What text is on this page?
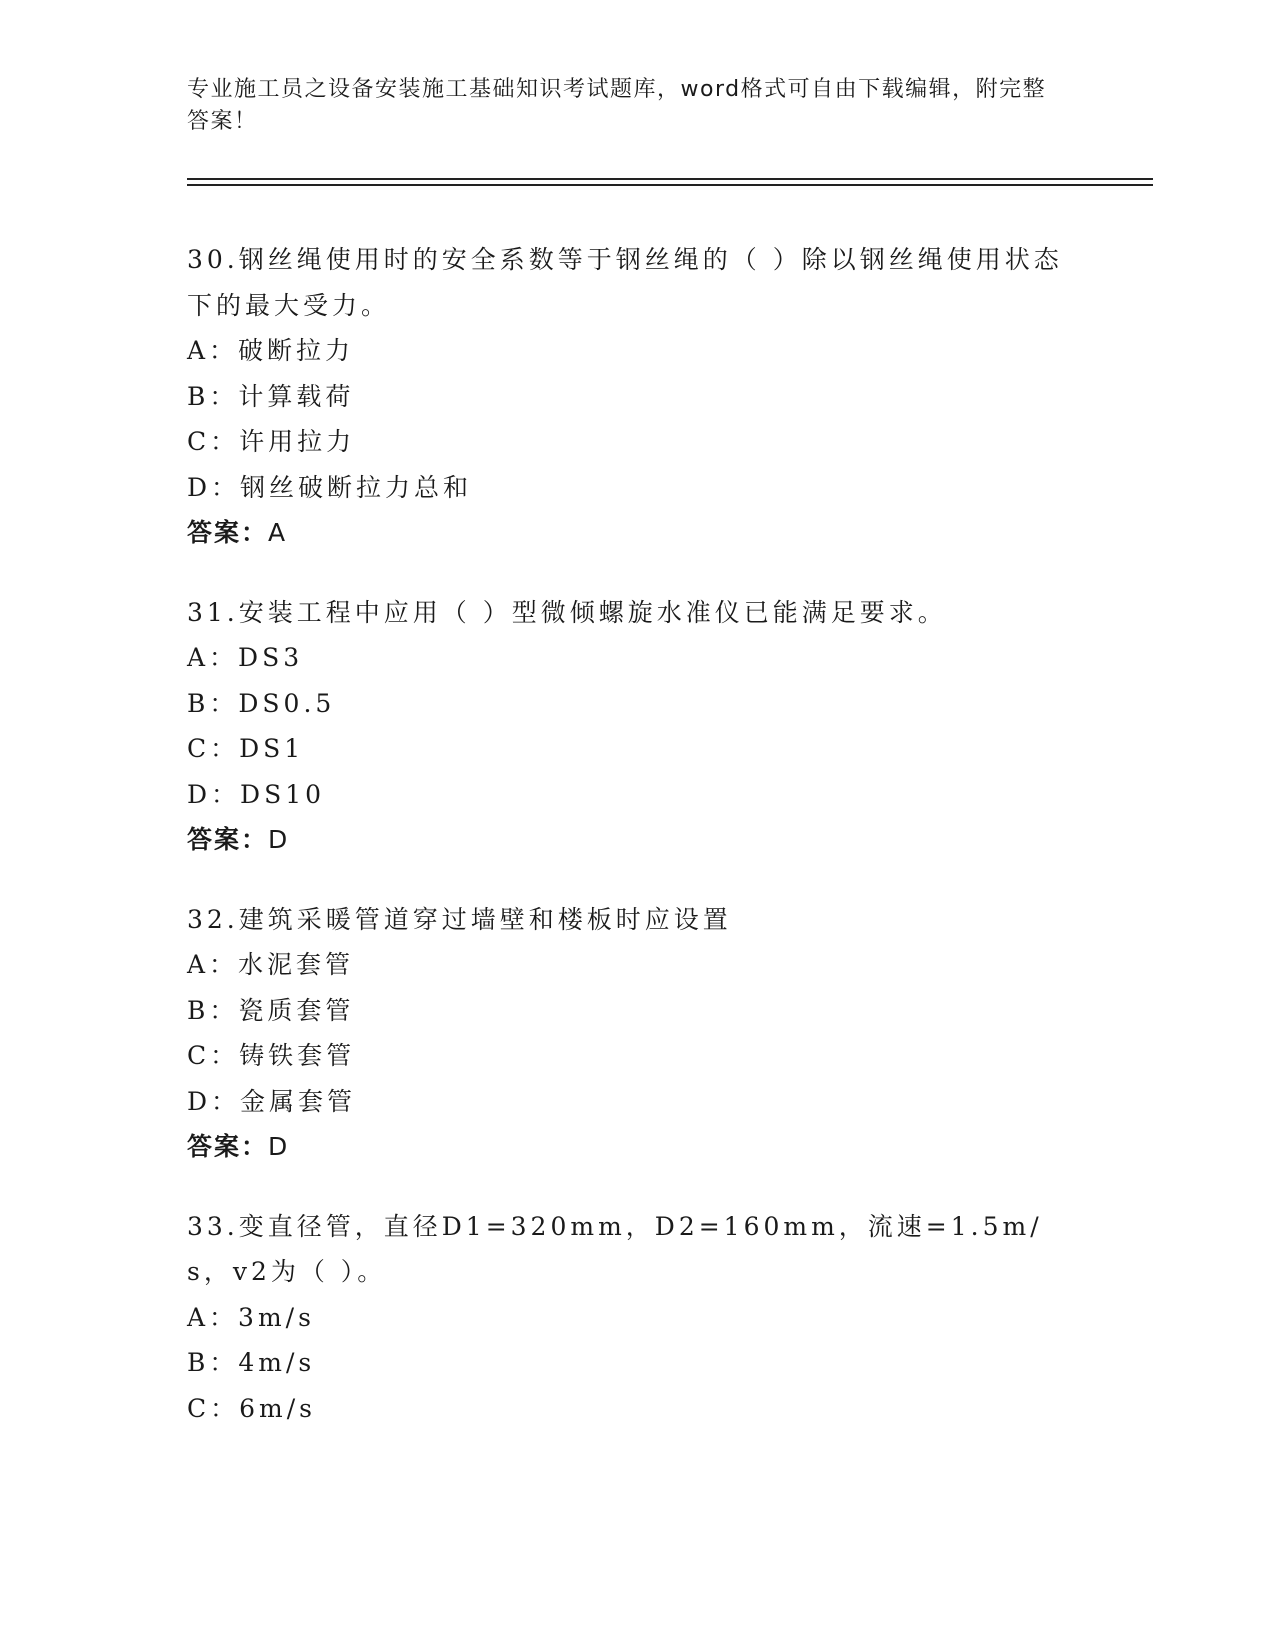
专业施工员之设备安装施工基础知识考试题库，word格式可自由下载编辑，附完整答案！
30.钢丝绳使用时的安全系数等于钢丝绳的（ ）除以钢丝绳使用状态下的最大受力。
A：破断拉力
B：计算载荷
C：许用拉力
D：钢丝破断拉力总和
答案：A
31.安装工程中应用（ ）型微倾螺旋水准仪已能满足要求。
A：DS3
B：DS0.5
C：DS1
D：DS10
答案：D
32.建筑采暖管道穿过墙壁和楼板时应设置
A：水泥套管
B：瓷质套管
C：铸铁套管
D：金属套管
答案：D
33.变直径管，直径D1=320mm，D2=160mm，流速=1.5m/s，v2为（ ）。
A：3m/s
B：4m/s
C：6m/s
